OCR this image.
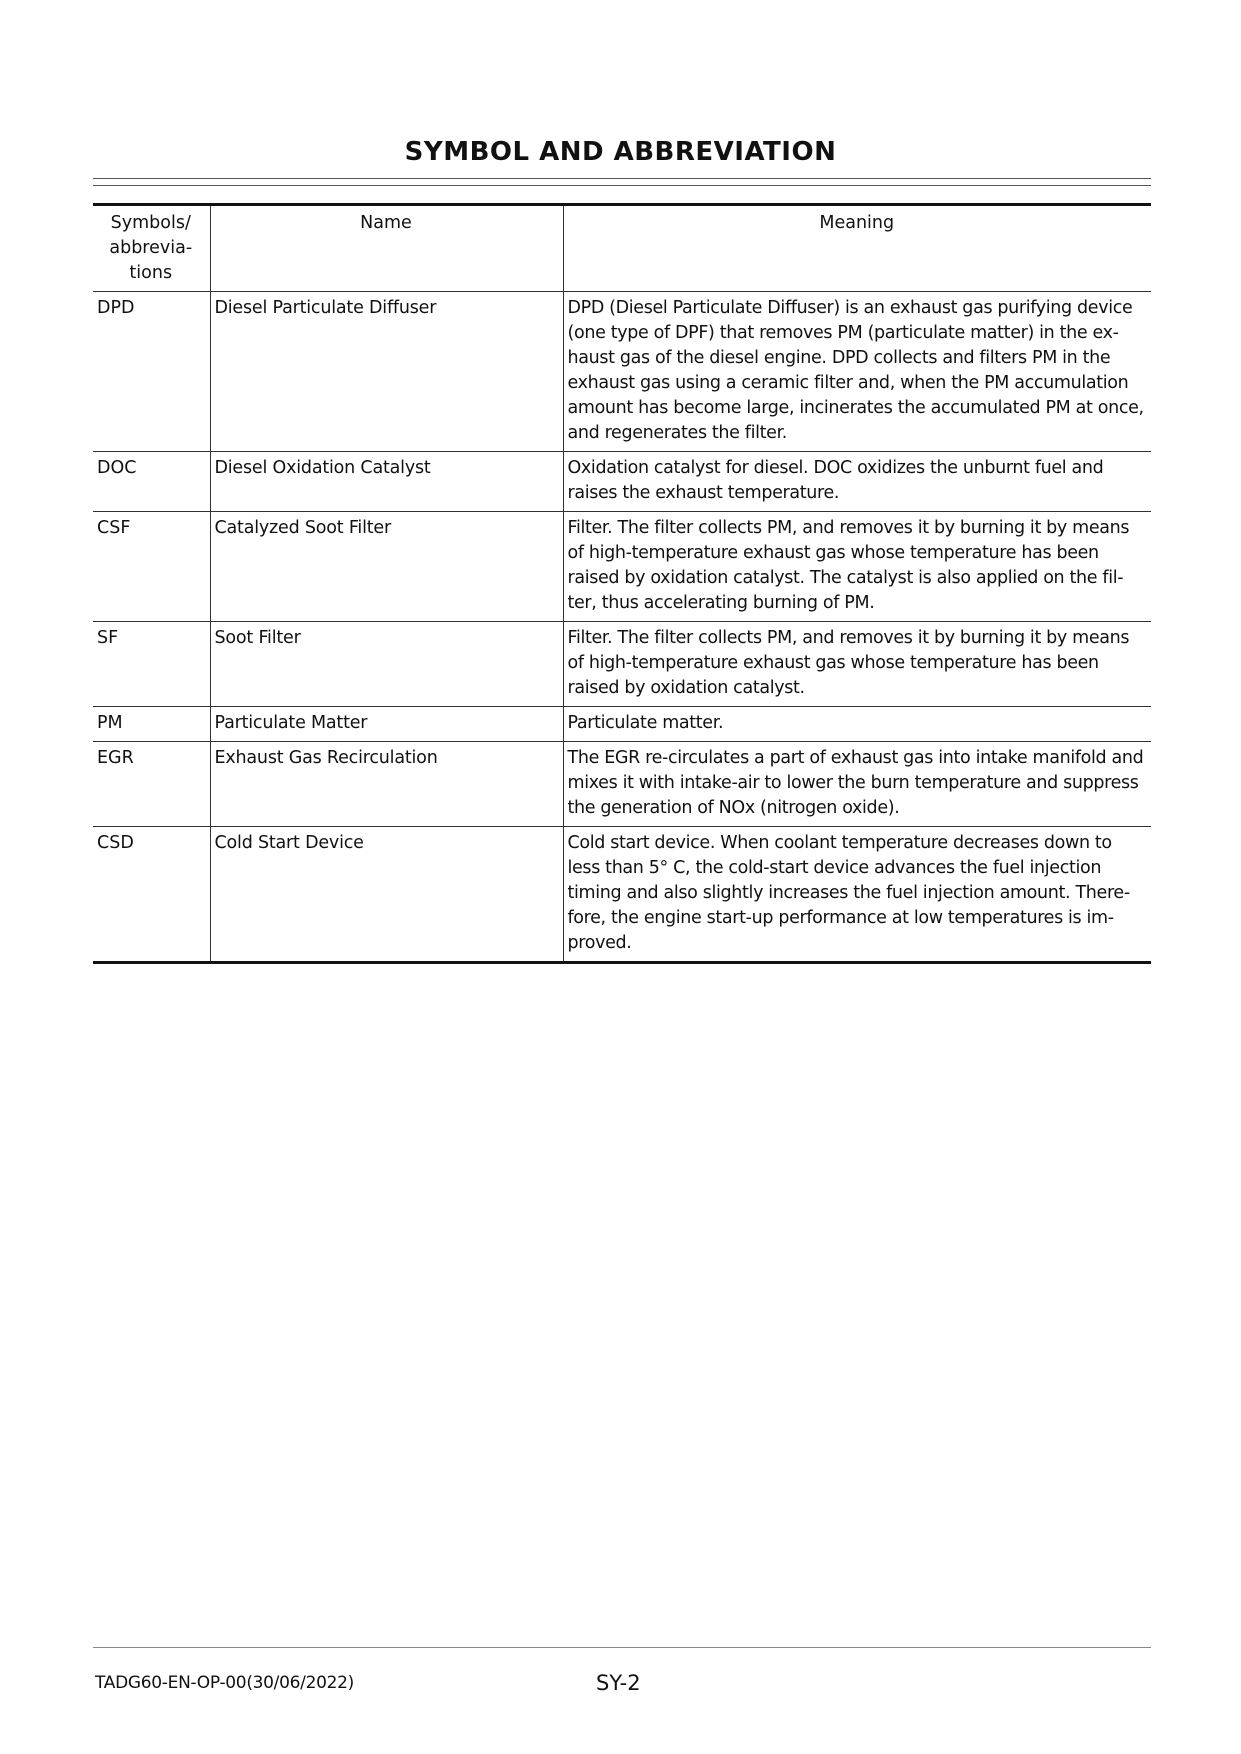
SYMBOL AND ABBREVIATION
Symbols/ abbrevia- tions	Name	Meaning
DPD	Diesel Particulate Diffuser	DPD (Diesel Particulate Diffuser) is an exhaust gas purifying device (one type of DPF) that removes PM (particulate matter) in the ex- haust gas of the diesel engine. DPD collects and filters PM in the exhaust gas using a ceramic filter and, when the PM accumulation amount has become large, incinerates the accumulated PM at once, and regenerates the filter.
DOC	Diesel Oxidation Catalyst	Oxidation catalyst for diesel. DOC oxidizes the unburnt fuel and raises the exhaust temperature.
CSF	Catalyzed Soot Filter	Filter. The filter collects PM, and removes it by burning it by means of high-temperature exhaust gas whose temperature has been raised by oxidation catalyst. The catalyst is also applied on the fil- ter, thus accelerating burning of PM.
SF	Soot Filter	Filter. The filter collects PM, and removes it by burning it by means of high-temperature exhaust gas whose temperature has been raised by oxidation catalyst.
PM	Particulate Matter	Particulate matter.
EGR	Exhaust Gas Recirculation	The EGR re-circulates a part of exhaust gas into intake manifold and mixes it with intake-air to lower the burn temperature and suppress the generation of NOx (nitrogen oxide).
CSD	Cold Start Device	Cold start device. When coolant temperature decreases down to less than 5° C, the cold-start device advances the fuel injection timing and also slightly increases the fuel injection amount. There- fore, the engine start-up performance at low temperatures is im- proved.
TADG60-EN-OP-00(30/06/2022)	SY-2
